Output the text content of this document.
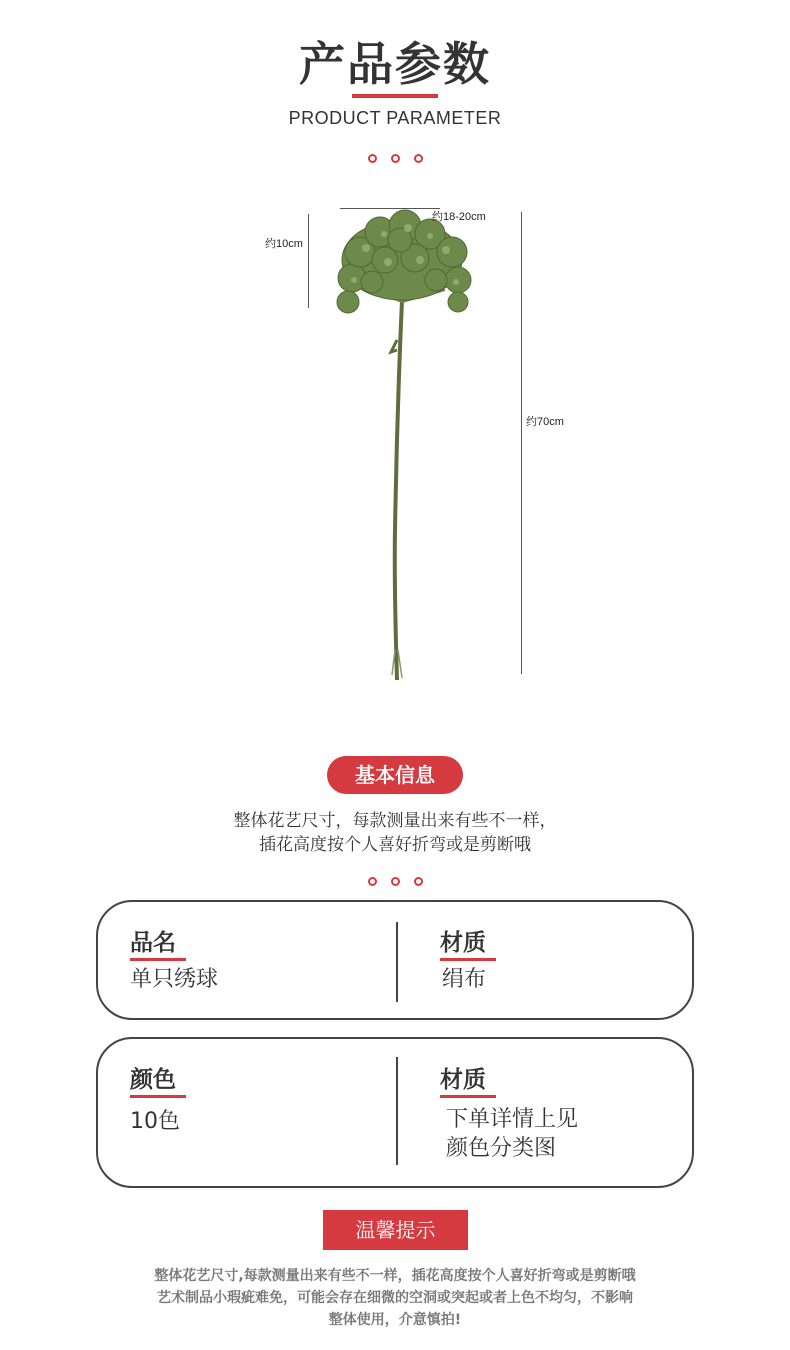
产品参数
PRODUCT PARAMETER
约18-20cm
约10cm
约70cm
基本信息
整体花艺尺寸，每款测量出来有些不一样，
插花高度按个人喜好折弯或是剪断哦
品名
单只绣球
材质
绢布
颜色
10色
材质
下单详情上见
颜色分类图
温馨提示
整体花艺尺寸,每款测量出来有些不一样，插花高度按个人喜好折弯或是剪断哦
艺术制品小瑕疵难免，可能会存在细微的空洞或突起或者上色不均匀，不影响
整体使用，介意慎拍!
